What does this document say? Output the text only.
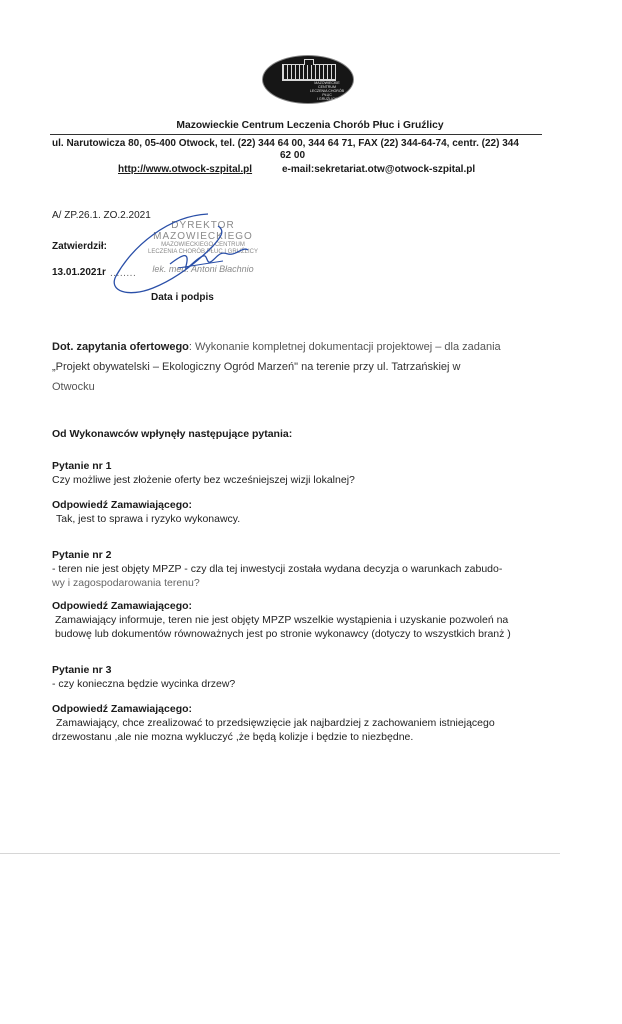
MAZOWIECKIE CENTRUM
LECZENIA CHORÓB PŁUC
I GRUŹLICY
Mazowieckie Centrum Leczenia Chorób Płuc i Gruźlicy
ul. Narutowicza 80, 05-400 Otwock, tel. (22) 344 64 00, 344 64 71, FAX (22) 344-64-74, centr. (22) 344
62 00
http://www.otwock-szpital.pl	e-mail:sekretariat.otw@otwock-szpital.pl
A/ ZP.26.1. ZO.2.2021
Zatwierdził:
13.01.2021r ........
DYREKTOR MAZOWIECKIEGO
MAZOWIECKIEGO CENTRUM
LECZENIA CHORÓB PŁUC I GRUŹLICY
lek. med. Antoni Błachnio
Data i podpis
Dot. zapytania ofertowego: Wykonanie kompletnej dokumentacji projektowej – dla zadania
„Projekt obywatelski – Ekologiczny Ogród Marzeń" na terenie przy ul. Tatrzańskiej w
Otwocku
Od Wykonawców wpłynęły następujące pytania:
Pytanie nr 1
Czy możliwe jest złożenie oferty bez wcześniejszej wizji lokalnej?
Odpowiedź Zamawiającego:
Tak, jest to sprawa i ryzyko wykonawcy.
Pytanie nr 2
- teren nie jest objęty MPZP - czy dla tej inwestycji została wydana decyzja o warunkach zabudo-
wy i zagospodarowania terenu?
Odpowiedź Zamawiającego:
Zamawiający informuje, teren nie jest objęty MPZP wszelkie wystąpienia i uzyskanie pozwoleń na
budowę lub dokumentów równoważnych jest po stronie wykonawcy (dotyczy to wszystkich branż )
Pytanie nr 3
- czy konieczna będzie wycinka drzew?
Odpowiedź Zamawiającego:
Zamawiający, chce zrealizować to przedsięwzięcie jak najbardziej z zachowaniem istniejącego
drzewostanu ,ale nie mozna wykluczyć ,że będą kolizje i będzie to niezbędne.
